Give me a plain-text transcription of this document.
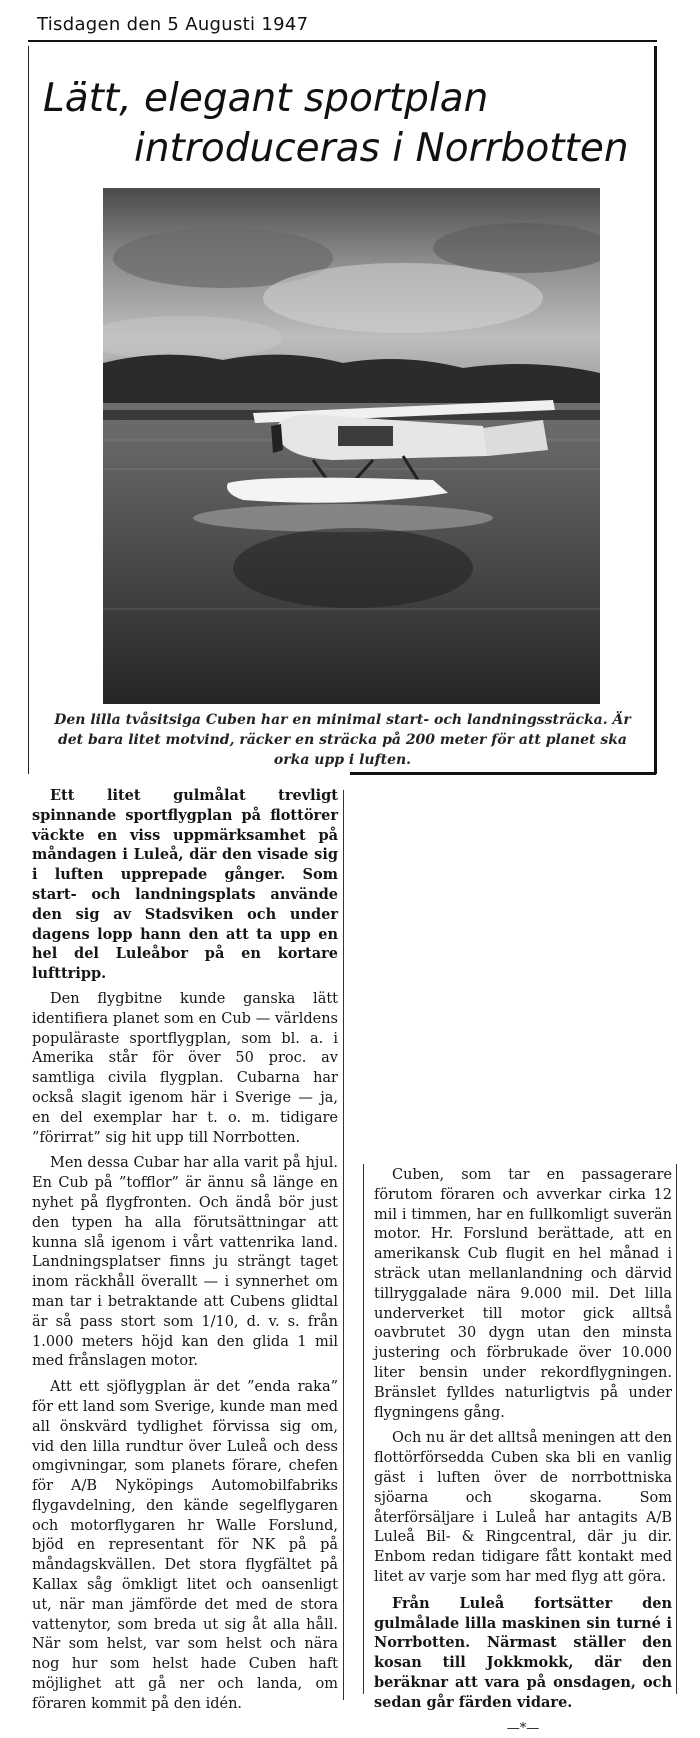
Tisdagen den 5 Augusti 1947
Lätt, elegant sportplan
introduceras i Norrbotten
Den lilla tvåsitsiga Cuben har en minimal start- och landningssträcka. Är
det bara litet motvind, räcker en sträcka på 200 meter för att planet ska
orka upp i luften.

Ett litet gulmålat trevligt spinnande sportflygplan på flottörer väckte en viss uppmärksamhet på måndagen i Luleå, där den visade sig i luften upprepade gånger. Som start- och landningsplats använde den sig av Stadsviken och under dagens lopp hann den att ta upp en hel del Luleåbor på en kortare lufttripp.

Den flygbitne kunde ganska lätt identifiera planet som en Cub — världens populäraste sportflygplan, som bl. a. i Amerika står för över 50 proc. av samtliga civila flygplan. Cubarna har också slagit igenom här i Sverige — ja, en del exemplar har t. o. m. tidigare ”förirrat” sig hit upp till Norrbotten.

Men dessa Cubar har alla varit på hjul. En Cub på ”tofflor” är ännu så länge en nyhet på flygfronten. Och ändå bör just den typen ha alla förutsättningar att kunna slå igenom i vårt vattenrika land. Landningsplatser finns ju strängt taget inom räckhåll överallt — i synnerhet om man tar i betraktande att Cubens glidtal är så pass stort som 1/10, d. v. s. från 1.000 meters höjd kan den glida 1 mil med frånslagen motor.

Att ett sjöflygplan är det ”enda raka” för ett land som Sverige, kunde man med all önskvärd tydlighet förvissa sig om, vid den lilla rundtur över Luleå och dess omgivningar, som planets förare, chefen för A/B Nyköpings Automobilfabriks flygavdelning, den kände segelflygaren och motorflygaren hr Walle Forslund, bjöd en representant för NK på på måndagskvällen. Det stora flygfältet på Kallax såg ömkligt litet och oansenligt ut, när man jämförde det med de stora vattenytor, som breda ut sig åt alla håll. När som helst, var som helst och nära nog hur som helst hade Cuben haft möjlighet att gå ner och landa, om föraren kommit på den idén.

Cuben, som tar en passagerare förutom föraren och avverkar cirka 12 mil i timmen, har en fullkomligt suverän motor. Hr. Forslund berättade, att en amerikansk Cub flugit en hel månad i sträck utan mellanlandning och därvid tillryggalade nära 9.000 mil. Det lilla underverket till motor gick alltså oavbrutet 30 dygn utan den minsta justering och förbrukade över 10.000 liter bensin under rekordflygningen. Bränslet fylldes naturligtvis på under flygningens gång.

Och nu är det alltså meningen att den flottörförsedda Cuben ska bli en vanlig gäst i luften över de norrbottniska sjöarna och skogarna. Som återförsäljare i Luleå har antagits A/B Luleå Bil- & Ringcentral, där ju dir. Enbom redan tidigare fått kontakt med litet av varje som har med flyg att göra.

Från Luleå fortsätter den gulmålade lilla maskinen sin turné i Norrbotten. Närmast ställer den kosan till Jokkmokk, där den beräknar att vara på onsdagen, och sedan går färden vidare.

—*—
